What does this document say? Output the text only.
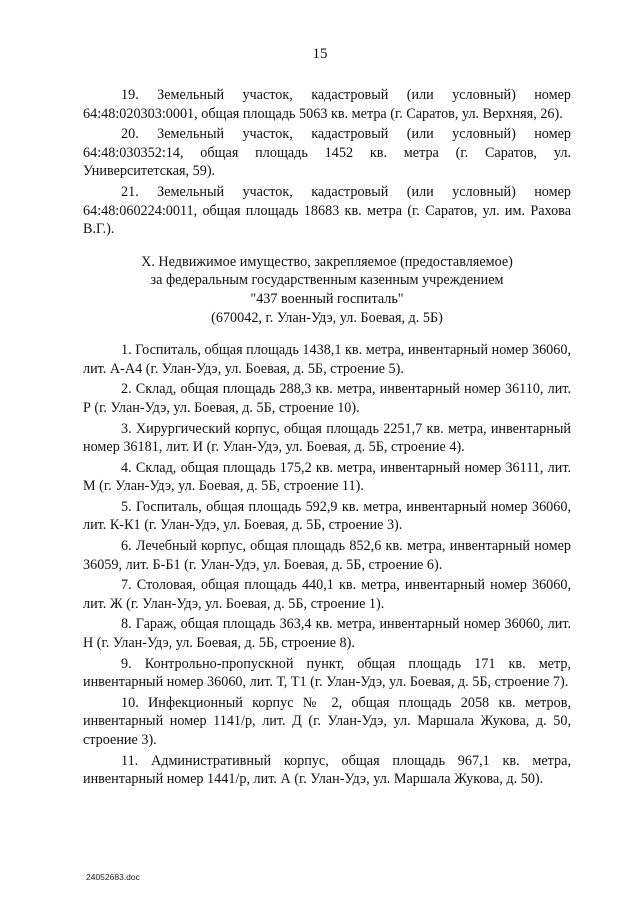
15

19. Земельный участок, кадастровый (или условный) номер 64:48:020303:0001, общая площадь 5063 кв. метра (г. Саратов, ул. Верхняя, 26).

20. Земельный участок, кадастровый (или условный) номер 64:48:030352:14, общая площадь 1452 кв. метра (г. Саратов, ул. Университетская, 59).

21. Земельный участок, кадастровый (или условный) номер 64:48:060224:0011, общая площадь 18683 кв. метра (г. Саратов, ул. им. Рахова В.Г.).

X. Недвижимое имущество, закрепляемое (предоставляемое)
за федеральным государственным казенным учреждением
"437 военный госпиталь"
(670042, г. Улан-Удэ, ул. Боевая, д. 5Б)

1. Госпиталь, общая площадь 1438,1 кв. метра, инвентарный номер 36060, лит. А-А4 (г. Улан-Удэ, ул. Боевая, д. 5Б, строение 5).

2. Склад, общая площадь 288,3 кв. метра, инвентарный номер 36110, лит. Р (г. Улан-Удэ, ул. Боевая, д. 5Б, строение 10).

3. Хирургический корпус, общая площадь 2251,7 кв. метра, инвентарный номер 36181, лит. И (г. Улан-Удэ, ул. Боевая, д. 5Б, строение 4).

4. Склад, общая площадь 175,2 кв. метра, инвентарный номер 36111, лит. М (г. Улан-Удэ, ул. Боевая, д. 5Б, строение 11).

5. Госпиталь, общая площадь 592,9 кв. метра, инвентарный номер 36060, лит. К-К1 (г. Улан-Удэ, ул. Боевая, д. 5Б, строение 3).

6. Лечебный корпус, общая площадь 852,6 кв. метра, инвентарный номер 36059, лит. Б-Б1 (г. Улан-Удэ, ул. Боевая, д. 5Б, строение 6).

7. Столовая, общая площадь 440,1 кв. метра, инвентарный номер 36060, лит. Ж (г. Улан-Удэ, ул. Боевая, д. 5Б, строение 1).

8. Гараж, общая площадь 363,4 кв. метра, инвентарный номер 36060, лит. Н (г. Улан-Удэ, ул. Боевая, д. 5Б, строение 8).

9. Контрольно-пропускной пункт, общая площадь 171 кв. метр, инвентарный номер 36060, лит. Т, Т1 (г. Улан-Удэ, ул. Боевая, д. 5Б, строение 7).

10. Инфекционный корпус № 2, общая площадь 2058 кв. метров, инвентарный номер 1141/р, лит. Д (г. Улан-Удэ, ул. Маршала Жукова, д. 50, строение 3).

11. Административный корпус, общая площадь 967,1 кв. метра, инвентарный номер 1441/р, лит. А (г. Улан-Удэ, ул. Маршала Жукова, д. 50).

24052683.doc
